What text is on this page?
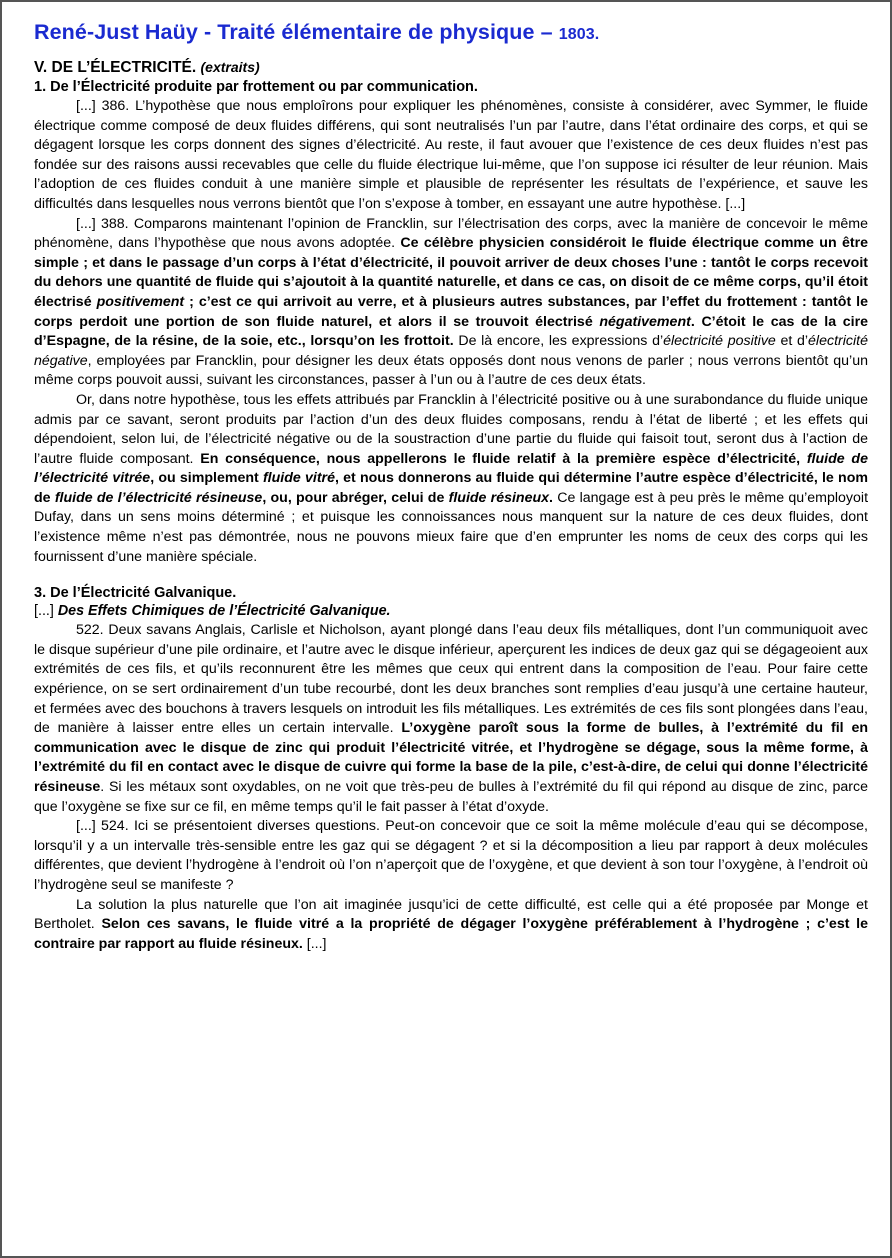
René-Just Haüy - Traité élémentaire de physique – 1803.
V. DE L’ÉLECTRICITÉ. (extraits)
1. De l’Électricité produite par frottement ou par communication.

[...] 386. L’hypothèse que nous emploîrons pour expliquer les phénomènes, consiste à considérer, avec Symmer, le fluide électrique comme composé de deux fluides différens, qui sont neutralisés l’un par l’autre, dans l’état ordinaire des corps, et qui se dégagent lorsque les corps donnent des signes d’électricité. Au reste, il faut avouer que l’existence de ces deux fluides n’est pas fondée sur des raisons aussi recevables que celle du fluide électrique lui-même, que l’on suppose ici résulter de leur réunion. Mais l’adoption de ces fluides conduit à une manière simple et plausible de représenter les résultats de l’expérience, et sauve les difficultés dans lesquelles nous verrons bientôt que l’on s’expose à tomber, en essayant une autre hypothèse. [...]

[...] 388. Comparons maintenant l’opinion de Francklin, sur l’électrisation des corps, avec la manière de concevoir le même phénomène, dans l’hypothèse que nous avons adoptée. Ce célèbre physicien considéroit le fluide électrique comme un être simple ; et dans le passage d’un corps à l’état d’électricité, il pouvoit arriver de deux choses l’une : tantôt le corps recevoit du dehors une quantité de fluide qui s’ajoutoit à la quantité naturelle, et dans ce cas, on disoit de ce même corps, qu’il étoit électrisé positivement ; c’est ce qui arrivoit au verre, et à plusieurs autres substances, par l’effet du frottement : tantôt le corps perdoit une portion de son fluide naturel, et alors il se trouvoit électrisé négativement. C’étoit le cas de la cire d’Espagne, de la résine, de la soie, etc., lorsqu’on les frottoit. De là encore, les expressions d’électricité positive et d’électricité négative, employées par Francklin, pour désigner les deux états opposés dont nous venons de parler ; nous verrons bientôt qu’un même corps pouvoit aussi, suivant les circonstances, passer à l’un ou à l’autre de ces deux états.

Or, dans notre hypothèse, tous les effets attribués par Francklin à l’électricité positive ou à une surabondance du fluide unique admis par ce savant, seront produits par l’action d’un des deux fluides composans, rendu à l’état de liberté ; et les effets qui dépendoient, selon lui, de l’électricité négative ou de la soustraction d’une partie du fluide qui faisoit tout, seront dus à l’action de l’autre fluide composant. En conséquence, nous appellerons le fluide relatif à la première espèce d’électricité, fluide de l’électricité vitrée, ou simplement fluide vitré, et nous donnerons au fluide qui détermine l’autre espèce d’électricité, le nom de fluide de l’électricité résineuse, ou, pour abréger, celui de fluide résineux. Ce langage est à peu près le même qu’employoit Dufay, dans un sens moins déterminé ; et puisque les connoissances nous manquent sur la nature de ces deux fluides, dont l’existence même n’est pas démontrée, nous ne pouvons mieux faire que d’en emprunter les noms de ceux des corps qui les fournissent d’une manière spéciale.

3. De l’Électricité Galvanique.
[...] Des Effets Chimiques de l’Électricité Galvanique.

522. Deux savans Anglais, Carlisle et Nicholson, ayant plongé dans l’eau deux fils métalliques, dont l’un communiquoit avec le disque supérieur d’une pile ordinaire, et l’autre avec le disque inférieur, aperçurent les indices de deux gaz qui se dégageoient aux extrémités de ces fils, et qu’ils reconnurent être les mêmes que ceux qui entrent dans la composition de l’eau. Pour faire cette expérience, on se sert ordinairement d’un tube recourbé, dont les deux branches sont remplies d’eau jusqu’à une certaine hauteur, et fermées avec des bouchons à travers lesquels on introduit les fils métalliques. Les extrémités de ces fils sont plongées dans l’eau, de manière à laisser entre elles un certain intervalle. L’oxygène paroît sous la forme de bulles, à l’extrémité du fil en communication avec le disque de zinc qui produit l’électricité vitrée, et l’hydrogène se dégage, sous la même forme, à l’extrémité du fil en contact avec le disque de cuivre qui forme la base de la pile, c’est-à-dire, de celui qui donne l’électricité résineuse. Si les métaux sont oxydables, on ne voit que très-peu de bulles à l’extrémité du fil qui répond au disque de zinc, parce que l’oxygène se fixe sur ce fil, en même temps qu’il le fait passer à l’état d’oxyde.

[...] 524. Ici se présentoient diverses questions. Peut-on concevoir que ce soit la même molécule d’eau qui se décompose, lorsqu’il y a un intervalle très-sensible entre les gaz qui se dégagent ? et si la décomposition a lieu par rapport à deux molécules différentes, que devient l’hydrogène à l’endroit où l’on n’aperçoit que de l’oxygène, et que devient à son tour l’oxygène, à l’endroit où l’hydrogène seul se manifeste ?

La solution la plus naturelle que l’on ait imaginée jusqu’ici de cette difficulté, est celle qui a été proposée par Monge et Bertholet. Selon ces savans, le fluide vitré a la propriété de dégager l’oxygène préférablement à l’hydrogène ; c’est le contraire par rapport au fluide résineux. [...]
